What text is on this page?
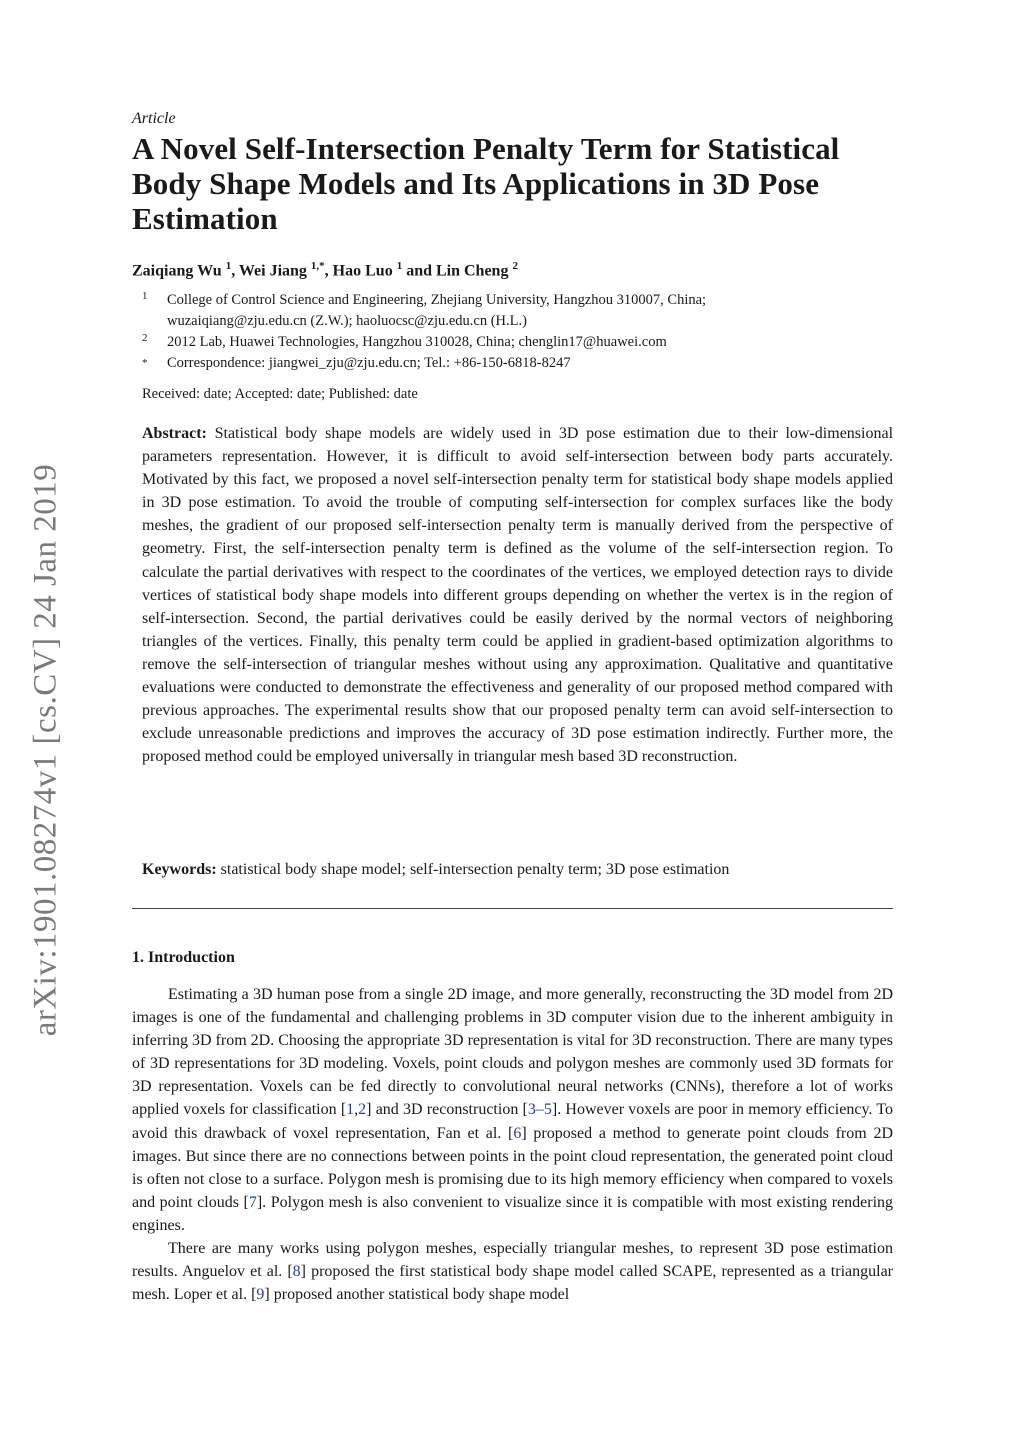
arXiv:1901.08274v1 [cs.CV] 24 Jan 2019
Article
A Novel Self-Intersection Penalty Term for Statistical Body Shape Models and Its Applications in 3D Pose Estimation
Zaiqiang Wu $^1$, Wei Jiang $^{1,*}$, Hao Luo $^1$ and Lin Cheng $^2$
1 College of Control Science and Engineering, Zhejiang University, Hangzhou 310007, China;
wuzaiqiang@zju.edu.cn (Z.W.); haoluocsc@zju.edu.cn (H.L.)
2 2012 Lab, Huawei Technologies, Hangzhou 310028, China; chenglin17@huawei.com
* Correspondence: jiangwei_zju@zju.edu.cn; Tel.: +86-150-6818-8247
Received: date; Accepted: date; Published: date

Abstract: Statistical body shape models are widely used in 3D pose estimation due to their low-dimensional parameters representation. However, it is difficult to avoid self-intersection between body parts accurately. Motivated by this fact, we proposed a novel self-intersection penalty term for statistical body shape models applied in 3D pose estimation. To avoid the trouble of computing self-intersection for complex surfaces like the body meshes, the gradient of our proposed self-intersection penalty term is manually derived from the perspective of geometry. First, the self-intersection penalty term is defined as the volume of the self-intersection region. To calculate the partial derivatives with respect to the coordinates of the vertices, we employed detection rays to divide vertices of statistical body shape models into different groups depending on whether the vertex is in the region of self-intersection. Second, the partial derivatives could be easily derived by the normal vectors of neighboring triangles of the vertices. Finally, this penalty term could be applied in gradient-based optimization algorithms to remove the self-intersection of triangular meshes without using any approximation. Qualitative and quantitative evaluations were conducted to demonstrate the effectiveness and generality of our proposed method compared with previous approaches. The experimental results show that our proposed penalty term can avoid self-intersection to exclude unreasonable predictions and improves the accuracy of 3D pose estimation indirectly. Further more, the proposed method could be employed universally in triangular mesh based 3D reconstruction.

Keywords: statistical body shape model; self-intersection penalty term; 3D pose estimation
1. Introduction

Estimating a 3D human pose from a single 2D image, and more generally, reconstructing the 3D model from 2D images is one of the fundamental and challenging problems in 3D computer vision due to the inherent ambiguity in inferring 3D from 2D. Choosing the appropriate 3D representation is vital for 3D reconstruction. There are many types of 3D representations for 3D modeling. Voxels, point clouds and polygon meshes are commonly used 3D formats for 3D representation. Voxels can be fed directly to convolutional neural networks (CNNs), therefore a lot of works applied voxels for classification [1,2] and 3D reconstruction [3–5]. However voxels are poor in memory efficiency. To avoid this drawback of voxel representation, Fan et al. [6] proposed a method to generate point clouds from 2D images. But since there are no connections between points in the point cloud representation, the generated point cloud is often not close to a surface. Polygon mesh is promising due to its high memory efficiency when compared to voxels and point clouds [7]. Polygon mesh is also convenient to visualize since it is compatible with most existing rendering engines.

There are many works using polygon meshes, especially triangular meshes, to represent 3D pose estimation results. Anguelov et al. [8] proposed the first statistical body shape model called SCAPE, represented as a triangular mesh. Loper et al. [9] proposed another statistical body shape model
